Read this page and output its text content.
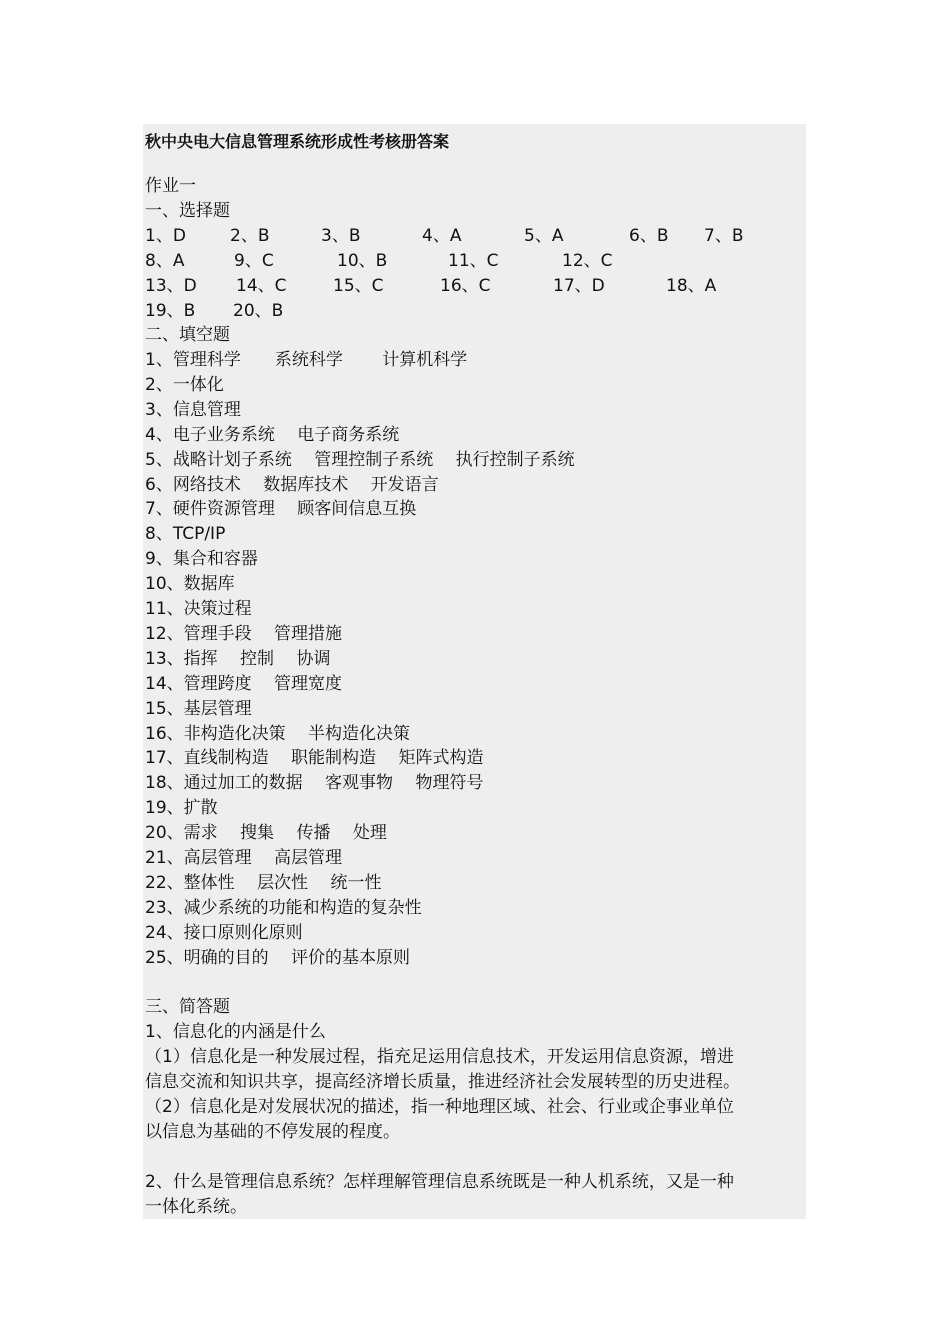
秋中央电大信息管理系统形成性考核册答案
作业一
一、选择题
1、D	2、B	3、B	4、A	5、A	6、B 7、B
8、A	9、C	10、B	11、C	12、C
13、D 14、C	15、C	16、C	17、D	18、A
19、B 20、B
二、填空题
1、管理科学　　系统科学　　 计算机科学
2、一体化
3、信息管理
4、电子业务系统　 电子商务系统
5、战略计划子系统　 管理控制子系统　 执行控制子系统
6、网络技术　 数据库技术　 开发语言
7、硬件资源管理　 顾客间信息互换
8、TCP/IP
9、集合和容器
10、数据库
11、决策过程
12、管理手段　 管理措施
13、指挥　 控制　 协调
14、管理跨度　 管理宽度
15、基层管理
16、非构造化决策　 半构造化决策
17、直线制构造　 职能制构造　 矩阵式构造
18、通过加工的数据　 客观事物　 物理符号
19、扩散
20、需求　 搜集　 传播　 处理
21、高层管理　 高层管理
22、整体性　 层次性　 统一性
23、减少系统的功能和构造的复杂性
24、接口原则化原则
25、明确的目的　 评价的基本原则
三、简答题
1、信息化的内涵是什么
（1）信息化是一种发展过程，指充足运用信息技术，开发运用信息资源，增进
信息交流和知识共享，提高经济增长质量，推进经济社会发展转型的历史进程。
（2）信息化是对发展状况的描述，指一种地理区域、社会、行业或企事业单位
以信息为基础的不停发展的程度。
2、什么是管理信息系统？怎样理解管理信息系统既是一种人机系统，又是一种
一体化系统。
